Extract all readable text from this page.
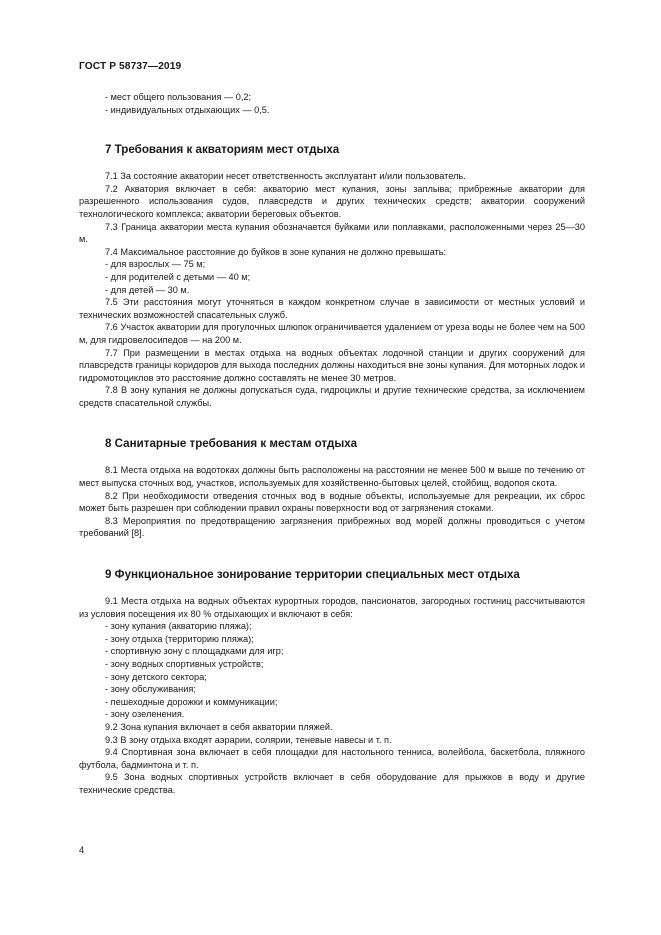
ГОСТ Р 58737—2019

- мест общего пользования — 0,2;

- индивидуальных отдыхающих — 0,5.

7 Требования к акваториям мест отдыха

7.1 За состояние акватории несет ответственность эксплуатант и/или пользователь.

7.2 Акватория включает в себя: акваторию мест купания, зоны заплыва; прибрежные акватории для разрешенного использования судов, плавсредств и других технических средств; акватории сооружений технологического комплекса; акватории береговых объектов.

7.3 Граница акватории места купания обозначается буйками или поплавками, расположенными через 25—30 м.

7.4 Максимальное расстояние до буйков в зоне купания не должно превышать:

- для взрослых — 75 м;

- для родителей с детьми — 40 м;

- для детей — 30 м.

7.5 Эти расстояния могут уточняться в каждом конкретном случае в зависимости от местных условий и технических возможностей спасательных служб.

7.6 Участок акватории для прогулочных шлюпок ограничивается удалением от уреза воды не более чем на 500 м, для гидровелосипедов — на 200 м.

7.7 При размещении в местах отдыха на водных объектах лодочной станции и других сооружений для плавсредств границы коридоров для выхода последних должны находиться вне зоны купания. Для моторных лодок и гидромотоциклов это расстояние должно составлять не менее 30 метров.

7.8 В зону купания не должны допускаться суда, гидроциклы и другие технические средства, за исключением средств спасательной службы.

8 Санитарные требования к местам отдыха

8.1 Места отдыха на водотоках должны быть расположены на расстоянии не менее 500 м выше по течению от мест выпуска сточных вод, участков, используемых для хозяйственно-бытовых целей, стойбищ, водопоя скота.

8.2 При необходимости отведения сточных вод в водные объекты, используемые для рекреации, их сброс может быть разрешен при соблюдении правил охраны поверхности вод от загрязнения стоками.

8.3 Мероприятия по предотвращению загрязнения прибрежных вод морей должны проводиться с учетом требований [8].

9 Функциональное зонирование территории специальных мест отдыха

9.1 Места отдыха на водных объектах курортных городов, пансионатов, загородных гостиниц рассчитываются из условия посещения их 80 % отдыхающих и включают в себя:

- зону купания (акваторию пляжа);

- зону отдыха (территорию пляжа);

- спортивную зону с площадками для игр;

- зону водных спортивных устройств;

- зону детского сектора;

- зону обслуживания;

- пешеходные дорожки и коммуникации;

- зону озеленения.

9.2 Зона купания включает в себя акватории пляжей.

9.3 В зону отдыха входят аэрарии, солярии, теневые навесы и т. п.

9.4 Спортивная зона включает в себя площадки для настольного тенниса, волейбола, баскетбола, пляжного футбола, бадминтона и т. п.

9.5 Зона водных спортивных устройств включает в себя оборудование для прыжков в воду и другие технические средства.

4
